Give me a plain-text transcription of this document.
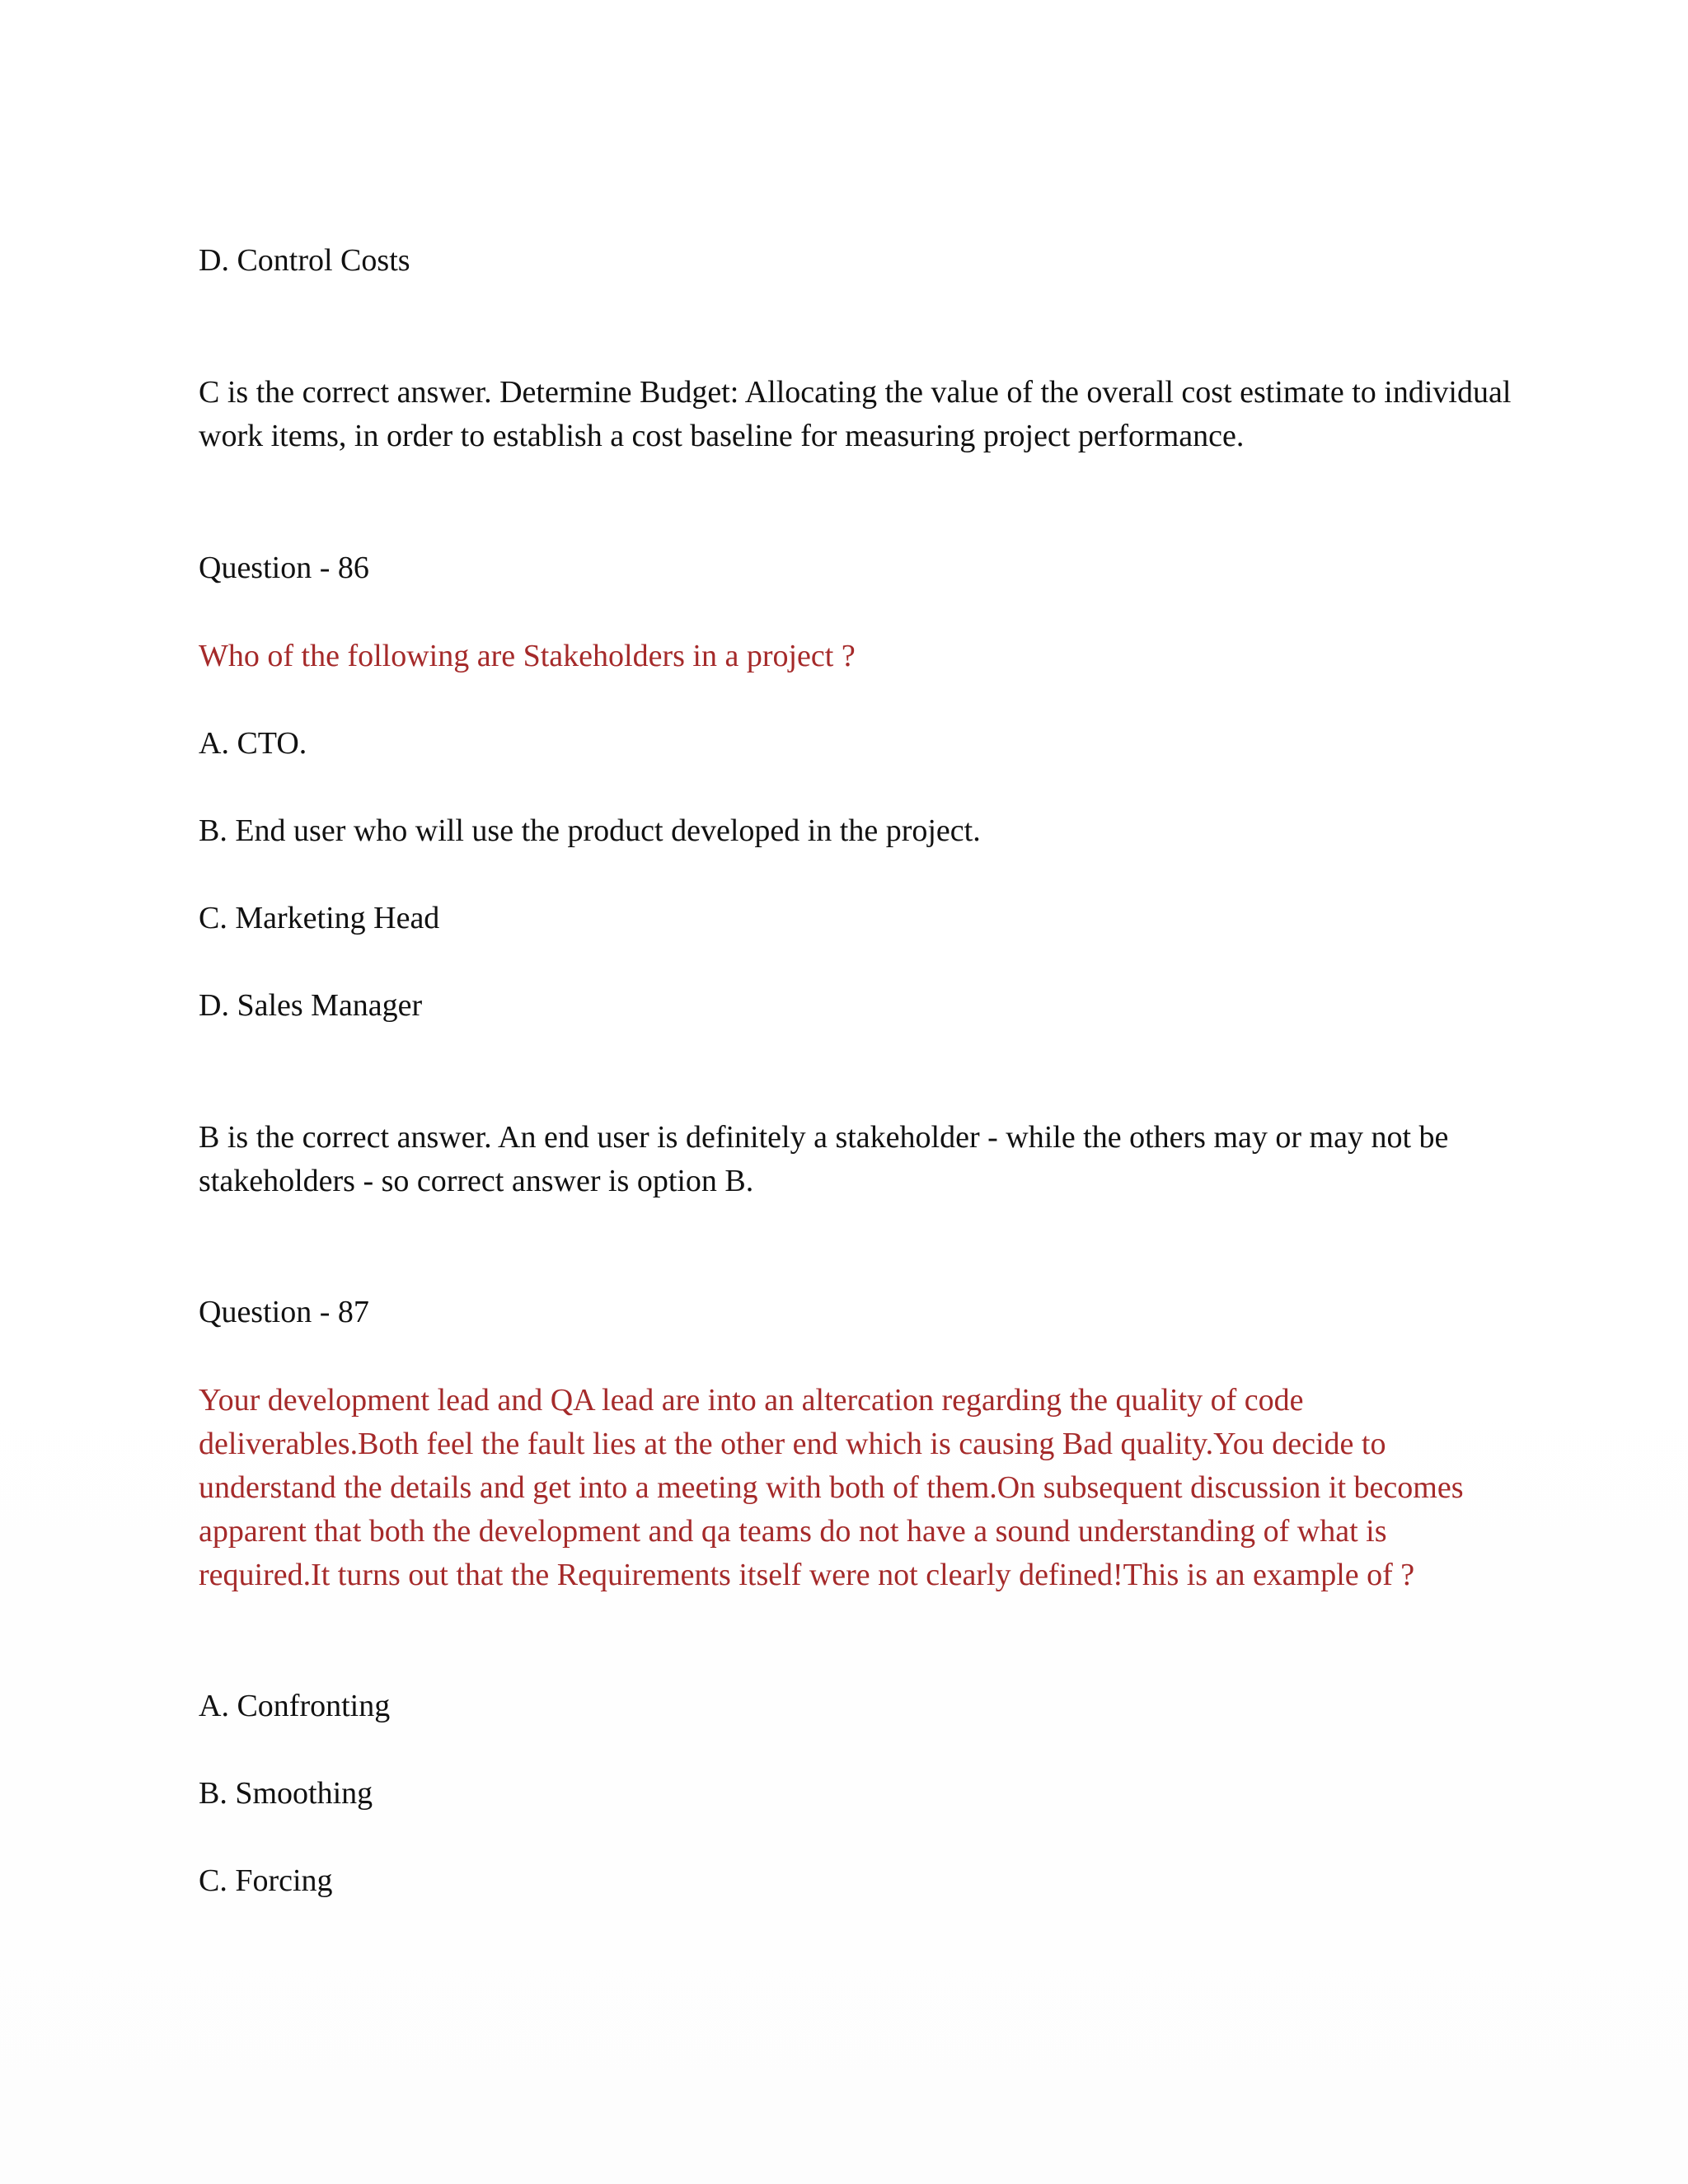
D. Control Costs
C is the correct answer. Determine Budget: Allocating the value of the overall cost estimate to individual work items, in order to establish a cost baseline for measuring project performance.
Question - 86
Who of the following are Stakeholders in a project ?
A. CTO.
B. End user who will use the product developed in the project.
C. Marketing Head
D. Sales Manager
B is the correct answer. An end user is definitely a stakeholder - while the others may or may not be stakeholders - so correct answer is option B.
Question - 87
Your development lead and QA lead are into an altercation regarding the quality of code deliverables.Both feel the fault lies at the other end which is causing Bad quality.You decide to understand the details and get into a meeting with both of them.On subsequent discussion it becomes apparent that both the development and qa teams do not have a sound understanding of what is required.It turns out that the Requirements itself were not clearly defined!This is an example of ?
A. Confronting
B. Smoothing
C. Forcing
